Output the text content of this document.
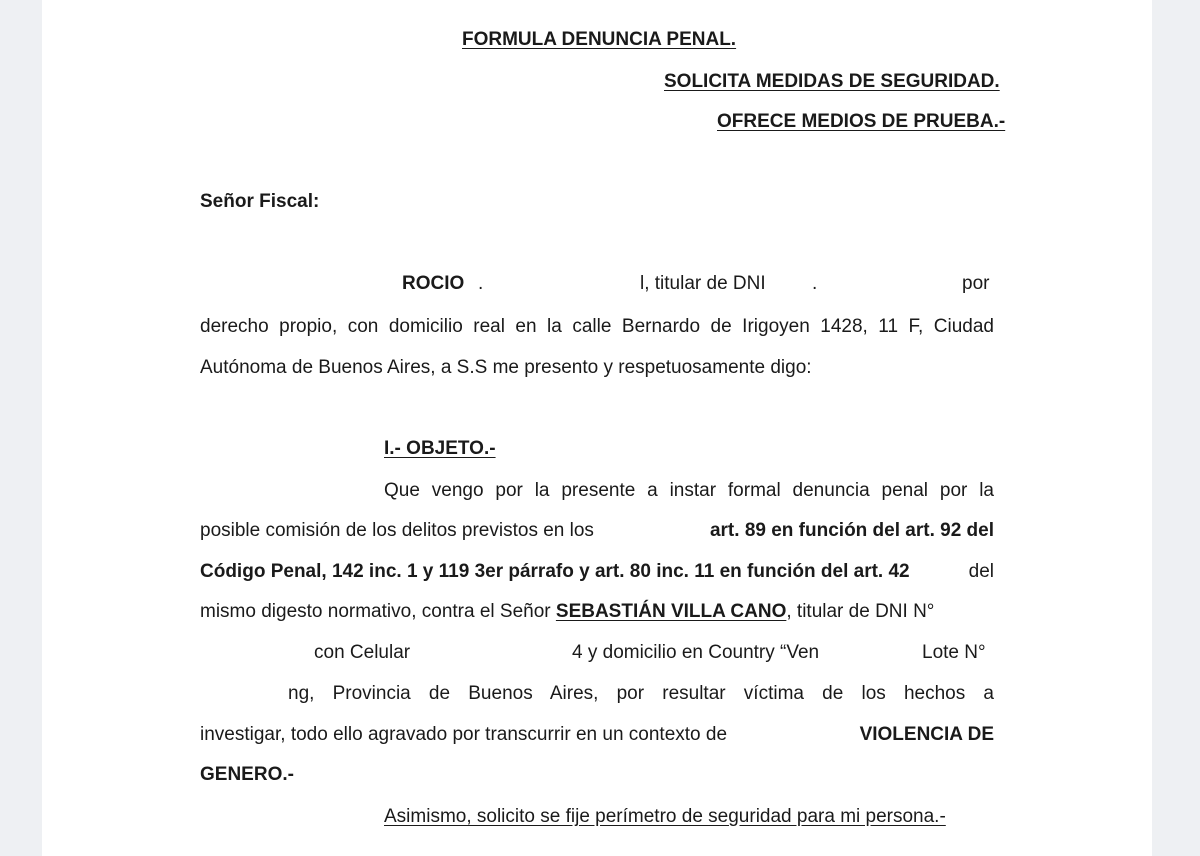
FORMULA DENUNCIA PENAL.
SOLICITA MEDIDAS DE SEGURIDAD.
OFRECE MEDIOS DE PRUEBA.-
Señor Fiscal:
ROCIO .	l, titular de DNI .	por
derecho propio, con domicilio real en la calle Bernardo de Irigoyen 1428, 11 F, Ciudad
Autónoma de Buenos Aires, a S.S me presento y respetuosamente digo:
I.- OBJETO.-
Que vengo por la presente a instar formal denuncia penal por la
posible comisión de los delitos previstos en los	art. 89 en función del art. 92 del
Código Penal, 142 inc. 1 y 119 3er párrafo y art. 80 inc. 11 en función del art. 42	del
mismo digesto normativo, contra el Señor SEBASTIÁN VILLA CANO, titular de DNI N°
con Celular	4 y domicilio en Country “Ven	Lote N°
ng, Provincia de Buenos Aires, por resultar víctima de los hechos a
investigar, todo ello agravado por transcurrir en un contexto de	VIOLENCIA DE
GENERO.-
Asimismo, solicito se fije perímetro de seguridad para mi persona.-
